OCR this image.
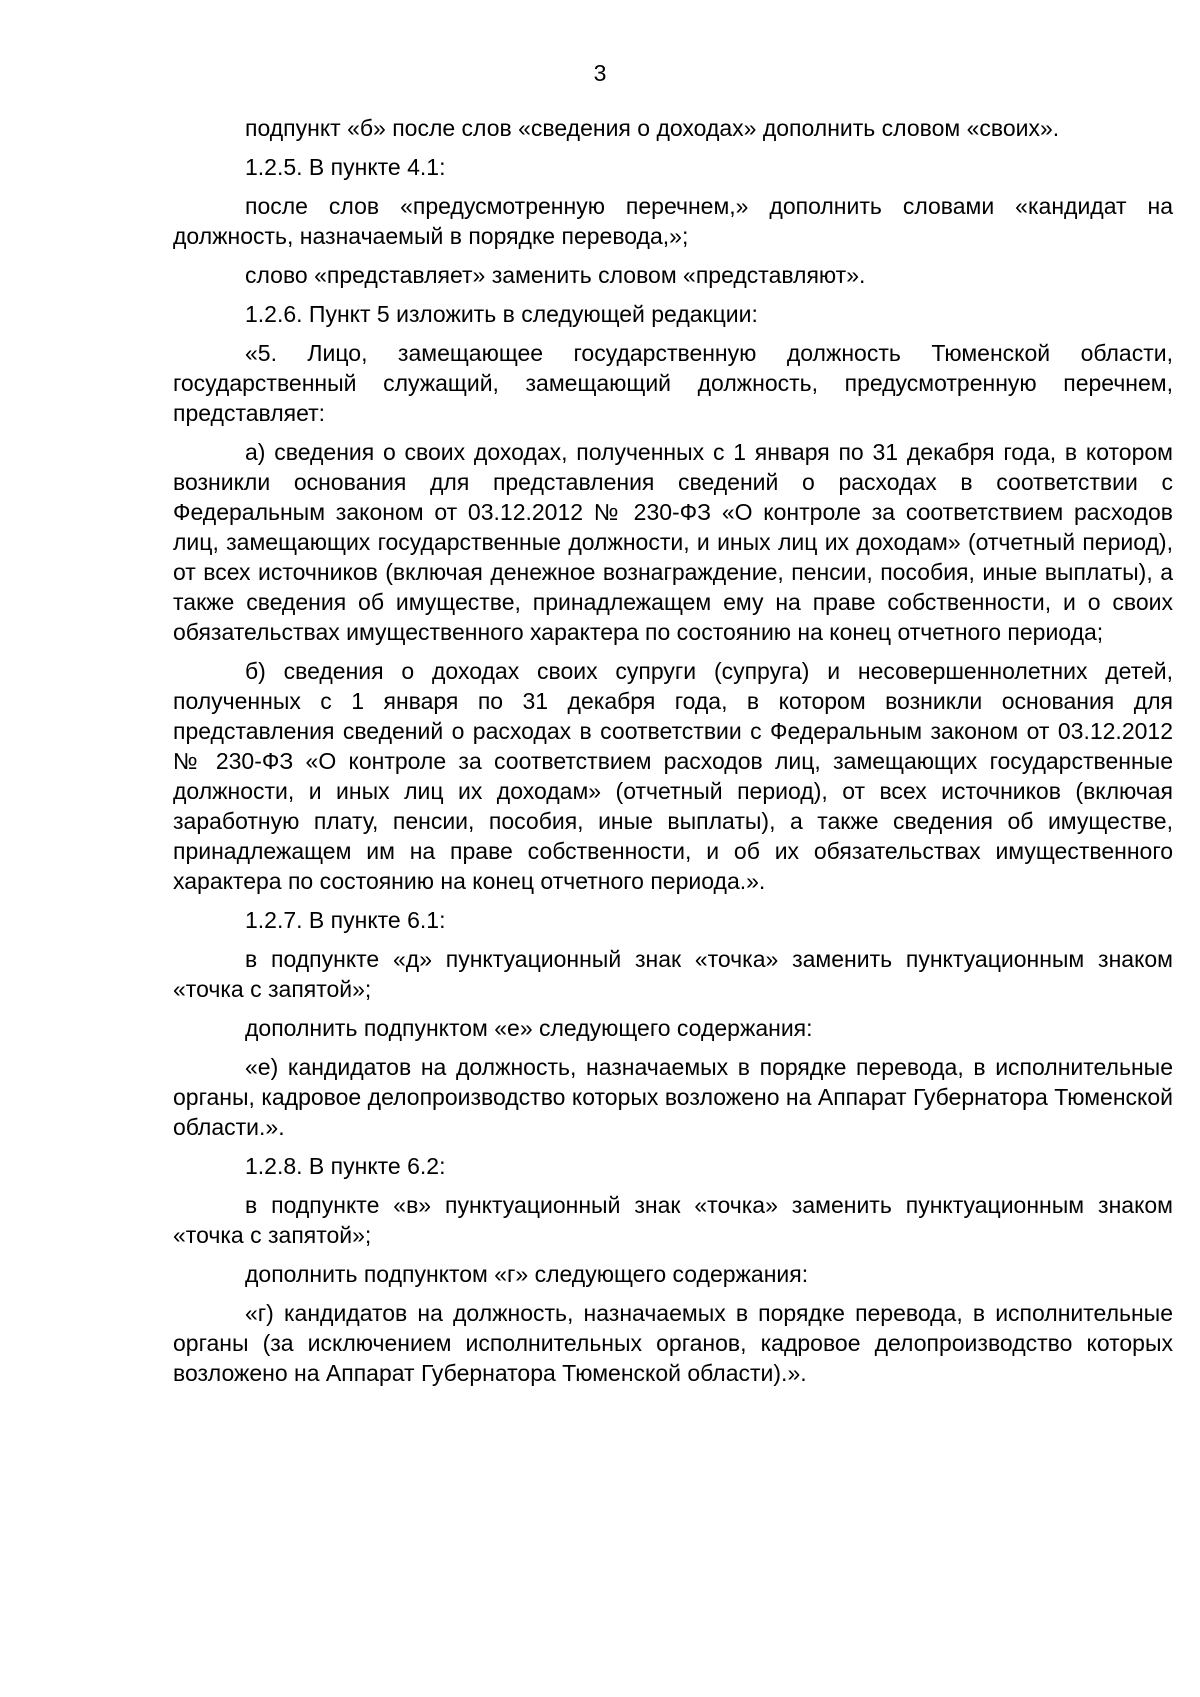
3

подпункт «б» после слов «сведения о доходах» дополнить словом «своих».

1.2.5. В пункте 4.1:

после слов «предусмотренную перечнем,» дополнить словами «кандидат на должность, назначаемый в порядке перевода,»;

слово «представляет» заменить словом «представляют».

1.2.6. Пункт 5 изложить в следующей редакции:

«5. Лицо, замещающее государственную должность Тюменской области, государственный служащий, замещающий должность, предусмотренную перечнем, представляет:

а) сведения о своих доходах, полученных с 1 января по 31 декабря года, в котором возникли основания для представления сведений о расходах в соответствии с Федеральным законом от 03.12.2012 № 230-ФЗ «О контроле за соответствием расходов лиц, замещающих государственные должности, и иных лиц их доходам» (отчетный период), от всех источников (включая денежное вознаграждение, пенсии, пособия, иные выплаты), а также сведения об имуществе, принадлежащем ему на праве собственности, и о своих обязательствах имущественного характера по состоянию на конец отчетного периода;

б) сведения о доходах своих супруги (супруга) и несовершеннолетних детей, полученных с 1 января по 31 декабря года, в котором возникли основания для представления сведений о расходах в соответствии с Федеральным законом от 03.12.2012 № 230-ФЗ «О контроле за соответствием расходов лиц, замещающих государственные должности, и иных лиц их доходам» (отчетный период), от всех источников (включая заработную плату, пенсии, пособия, иные выплаты), а также сведения об имуществе, принадлежащем им на праве собственности, и об их обязательствах имущественного характера по состоянию на конец отчетного периода.».

1.2.7. В пункте 6.1:

в подпункте «д» пунктуационный знак «точка» заменить пунктуационным знаком «точка с запятой»;

дополнить подпунктом «е» следующего содержания:

«е) кандидатов на должность, назначаемых в порядке перевода, в исполнительные органы, кадровое делопроизводство которых возложено на Аппарат Губернатора Тюменской области.».

1.2.8. В пункте 6.2:

в подпункте «в» пунктуационный знак «точка» заменить пунктуационным знаком «точка с запятой»;

дополнить подпунктом «г» следующего содержания:

«г) кандидатов на должность, назначаемых в порядке перевода, в исполнительные органы (за исключением исполнительных органов, кадровое делопроизводство которых возложено на Аппарат Губернатора Тюменской области).».
